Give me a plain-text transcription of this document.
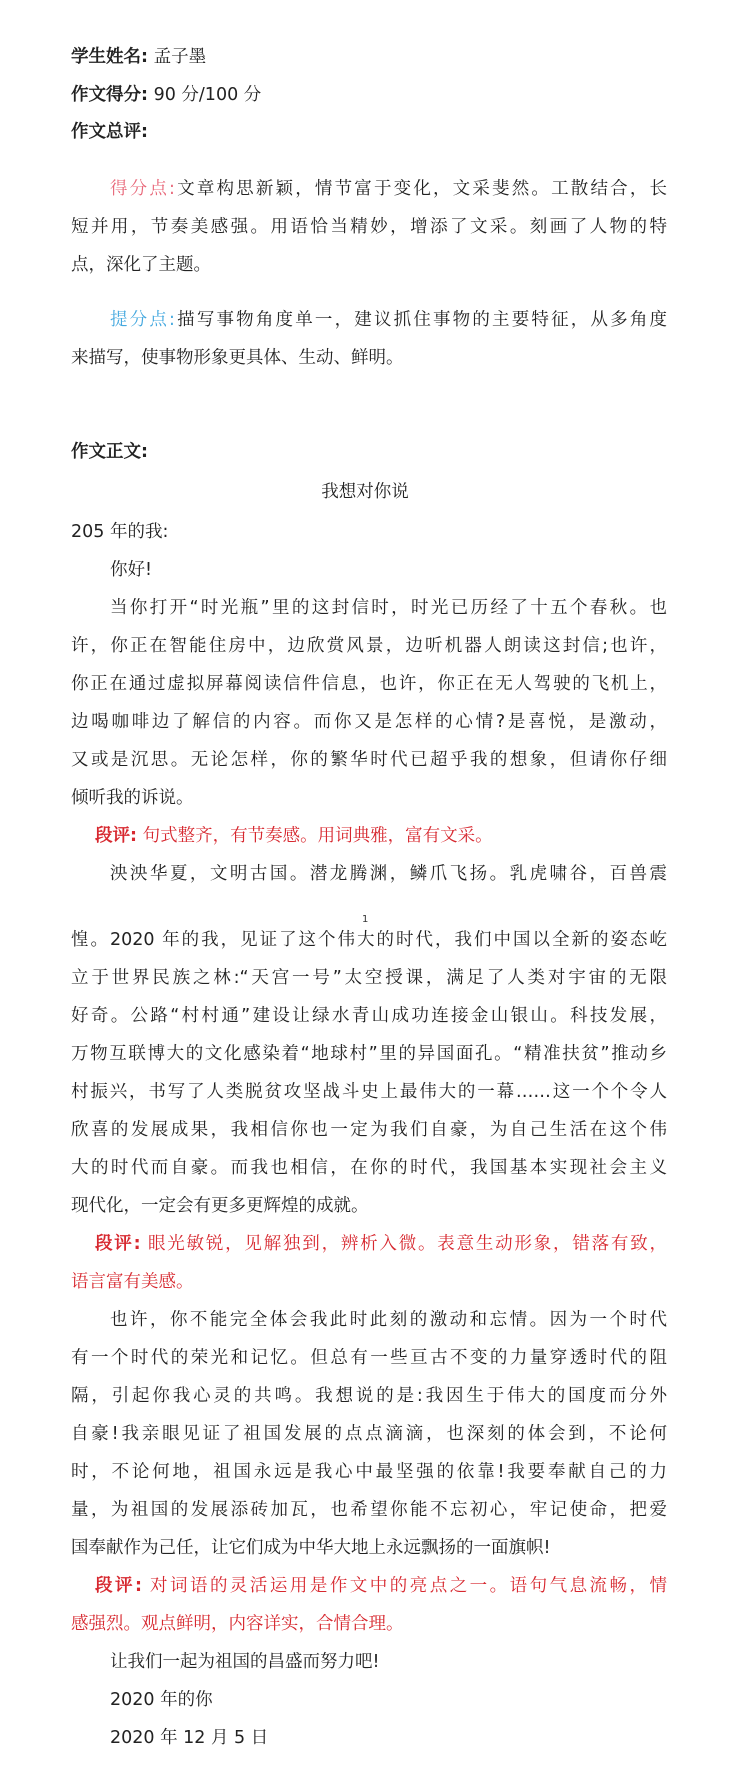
学生姓名: 孟子墨

作文得分: 90 分/100 分

作文总评:

得分点:文章构思新颖，情节富于变化，文采斐然。工散结合，长
短并用，节奏美感强。用语恰当精妙，增添了文采。刻画了人物的特
点，深化了主题。
提分点:描写事物角度单一，建议抓住事物的主要特征，从多角度
来描写，使事物形象更具体、生动、鲜明。

作文正文:

我想对你说

205 年的我:
你好!
当你打开“时光瓶”里的这封信时，时光已历经了十五个春秋。也
许，你正在智能住房中，边欣赏风景，边听机器人朗读这封信;也许，
你正在通过虚拟屏幕阅读信件信息，也许，你正在无人驾驶的飞机上，
边喝咖啡边了解信的内容。而你又是怎样的心情?是喜悦，是激动，
又或是沉思。无论怎样，你的繁华时代已超乎我的想象，但请你仔细
倾听我的诉说。
段评: 句式整齐，有节奏感。用词典雅，富有文采。
泱泱华夏，文明古国。潜龙腾渊，鳞爪飞扬。乳虎啸谷，百兽震
1
惶。2020 年的我，见证了这个伟大的时代，我们中国以全新的姿态屹
立于世界民族之林:“天宫一号”太空授课，满足了人类对宇宙的无限
好奇。公路“村村通”建设让绿水青山成功连接金山银山。科技发展，
万物互联博大的文化感染着“地球村”里的异国面孔。“精准扶贫”推动乡
村振兴，书写了人类脱贫攻坚战斗史上最伟大的一幕……这一个个令人
欣喜的发展成果，我相信你也一定为我们自豪，为自己生活在这个伟
大的时代而自豪。而我也相信，在你的时代，我国基本实现社会主义
现代化，一定会有更多更辉煌的成就。
段评: 眼光敏锐，见解独到，辨析入微。表意生动形象，错落有致，
语言富有美感。
也许，你不能完全体会我此时此刻的激动和忘情。因为一个时代
有一个时代的荣光和记忆。但总有一些亘古不变的力量穿透时代的阻
隔，引起你我心灵的共鸣。我想说的是:我因生于伟大的国度而分外
自豪!我亲眼见证了祖国发展的点点滴滴，也深刻的体会到，不论何
时，不论何地，祖国永远是我心中最坚强的依靠!我要奉献自己的力
量，为祖国的发展添砖加瓦，也希望你能不忘初心，牢记使命，把爱
国奉献作为己任，让它们成为中华大地上永远飘扬的一面旗帜!
段评: 对词语的灵活运用是作文中的亮点之一。语句气息流畅，情
感强烈。观点鲜明，内容详实，合情合理。
让我们一起为祖国的昌盛而努力吧!
2020 年的你
2020 年 12 月 5 日
